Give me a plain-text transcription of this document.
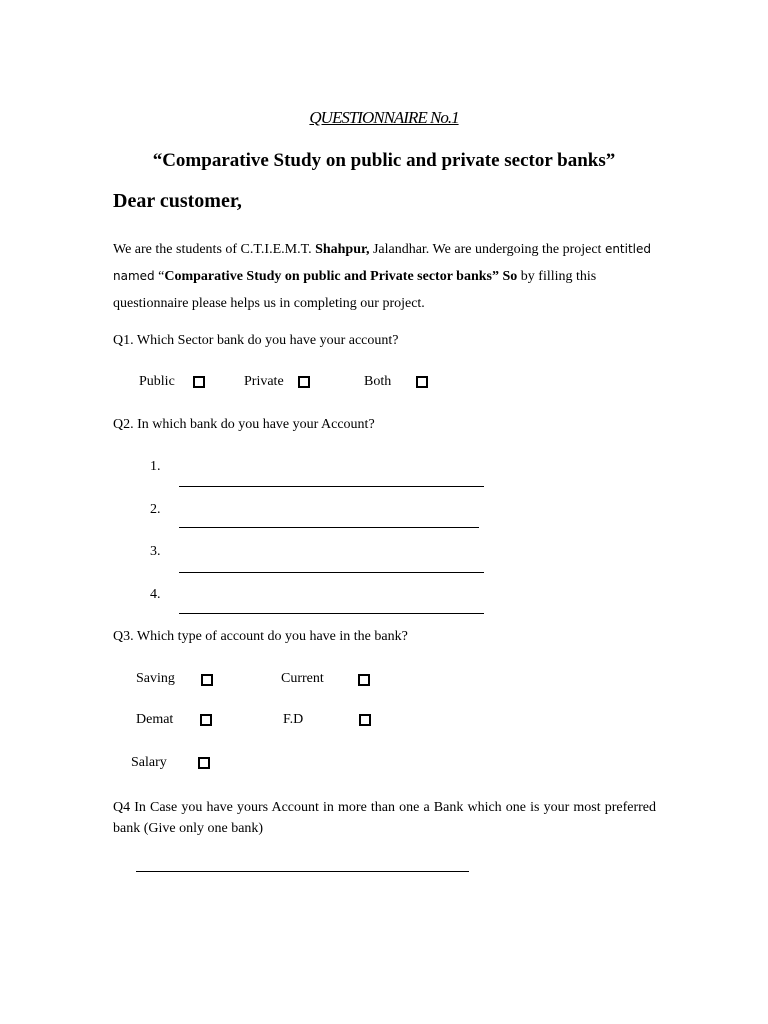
QUESTIONNAIRE No.1
“Comparative Study on public and private sector banks”
Dear customer,
We are the students of C.T.I.E.M.T. Shahpur, Jalandhar. We are undergoing the project entitled named “Comparative Study on public and Private sector banks” So by filling this questionnaire please helps us in completing our project.
Q1. Which Sector bank do you have your account?
Public	Private	Both
Q2. In which bank do you have your Account?
1.
2.
3.
4.
Q3. Which type of account do you have in the bank?
Saving	Current
Demat	F.D
Salary
Q4 In Case you have yours Account in more than one a Bank which one is your most preferred bank (Give only one bank)
